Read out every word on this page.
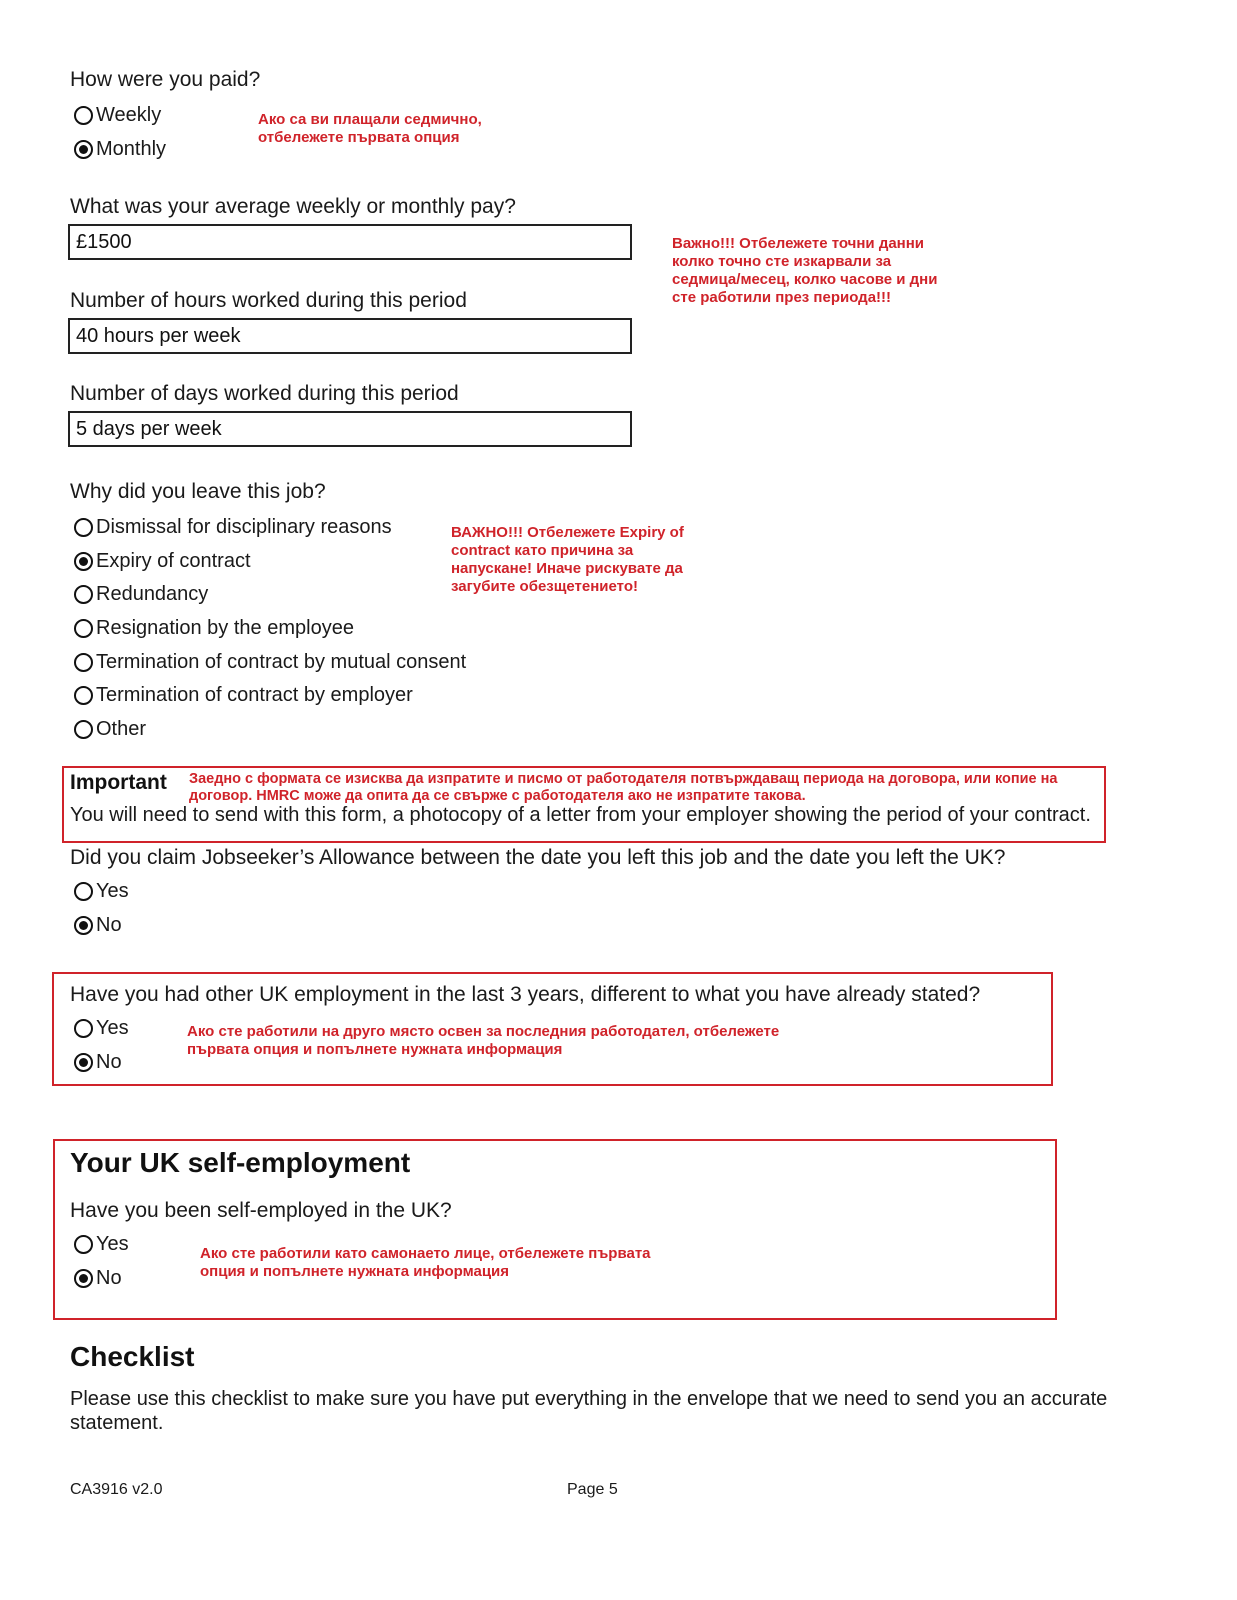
How were you paid?
Weekly
Monthly
Ако са ви плащали седмично, отбележете първата опция
What was your average weekly or monthly pay?
£1500	Важно!!! Отбележете точни данни колко точно сте изкарвали за седмица/месец, колко часове и дни сте работили през периода!!!
Number of hours worked during this period
40 hours per week
Number of days worked during this period
5 days per week
Why did you leave this job?
Dismissal for disciplinary reasons
Expiry of contract
Redundancy
Resignation by the employee
Termination of contract by mutual consent
Termination of contract by employer
Other
ВАЖНО!!! Отбележете Expiry of contract като причина за напускане! Иначе рискувате да загубите обезщетението!
Important Заедно с формата се изисква да изпратите и писмо от работодателя потвърждаващ периода на договора, или копие на договор. HMRC може да опита да се свърже с работодателя ако не изпратите такова.
You will need to send with this form, a photocopy of a letter from your employer showing the period of your contract.
Did you claim Jobseeker’s Allowance between the date you left this job and the date you left the UK?
Yes
No
Have you had other UK employment in the last 3 years, different to what you have already stated?
Yes
No
Ако сте работили на друго място освен за последния работодател, отбележете първата опция и попълнете нужната информация
Your UK self-employment
Have you been self-employed in the UK?
Yes
No
Ако сте работили като самонаето лице, отбележете първата опция и попълнете нужната информация
Checklist
Please use this checklist to make sure you have put everything in the envelope that we need to send you an accurate statement.
CA3916 v2.0	Page 5
